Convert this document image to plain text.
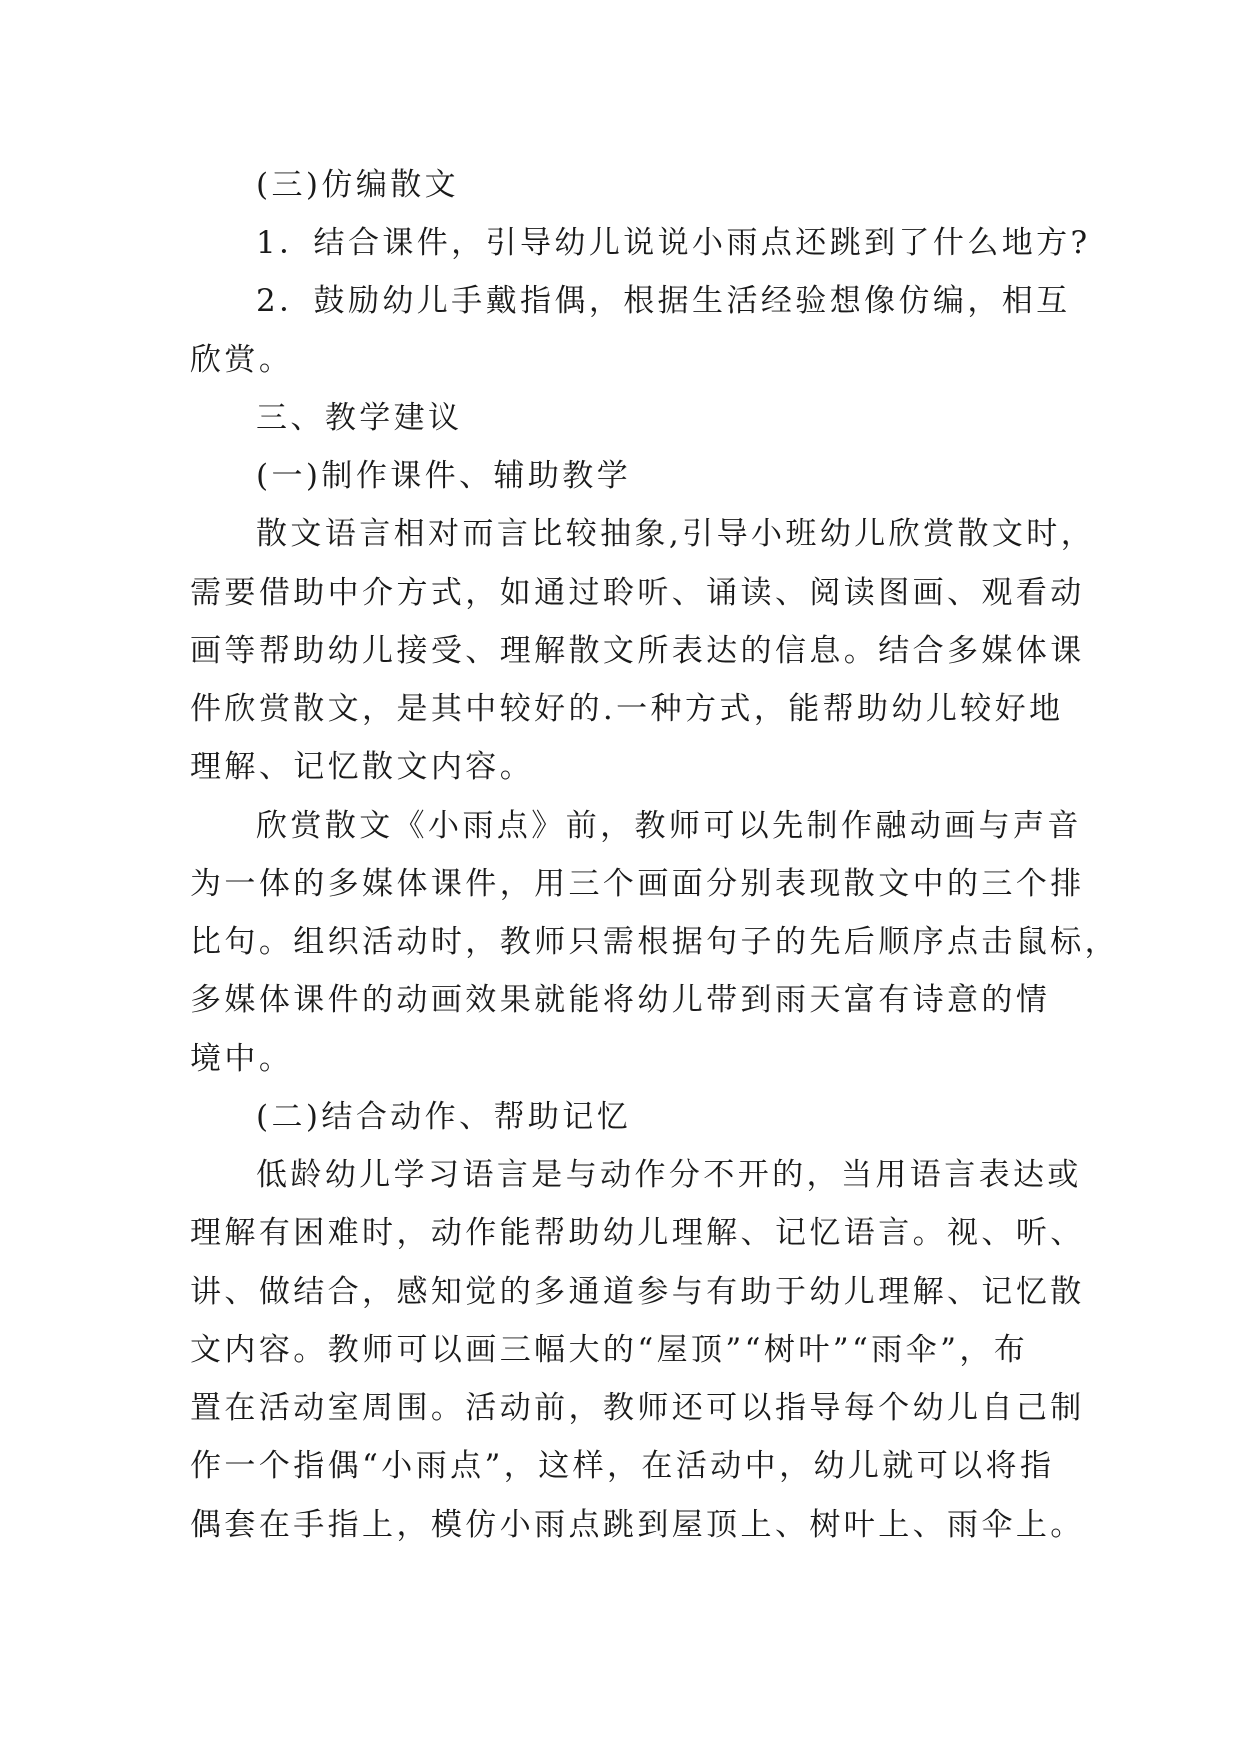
(三)仿编散文
1．结合课件，引导幼儿说说小雨点还跳到了什么地方?
2．鼓励幼儿手戴指偶，根据生活经验想像仿编，相互
欣赏。
三、教学建议
(一)制作课件、辅助教学
散文语言相对而言比较抽象,引导小班幼儿欣赏散文时，
需要借助中介方式，如通过聆听、诵读、阅读图画、观看动
画等帮助幼儿接受、理解散文所表达的信息。结合多媒体课
件欣赏散文，是其中较好的.一种方式，能帮助幼儿较好地
理解、记忆散文内容。
欣赏散文《小雨点》前，教师可以先制作融动画与声音
为一体的多媒体课件，用三个画面分别表现散文中的三个排
比句。组织活动时，教师只需根据句子的先后顺序点击鼠标，
多媒体课件的动画效果就能将幼儿带到雨天富有诗意的情
境中。
(二)结合动作、帮助记忆
低龄幼儿学习语言是与动作分不开的，当用语言表达或
理解有困难时，动作能帮助幼儿理解、记忆语言。视、听、
讲、做结合，感知觉的多通道参与有助于幼儿理解、记忆散
文内容。教师可以画三幅大的“屋顶”“树叶”“雨伞”，布
置在活动室周围。活动前，教师还可以指导每个幼儿自己制
作一个指偶“小雨点”，这样，在活动中，幼儿就可以将指
偶套在手指上，模仿小雨点跳到屋顶上、树叶上、雨伞上。
